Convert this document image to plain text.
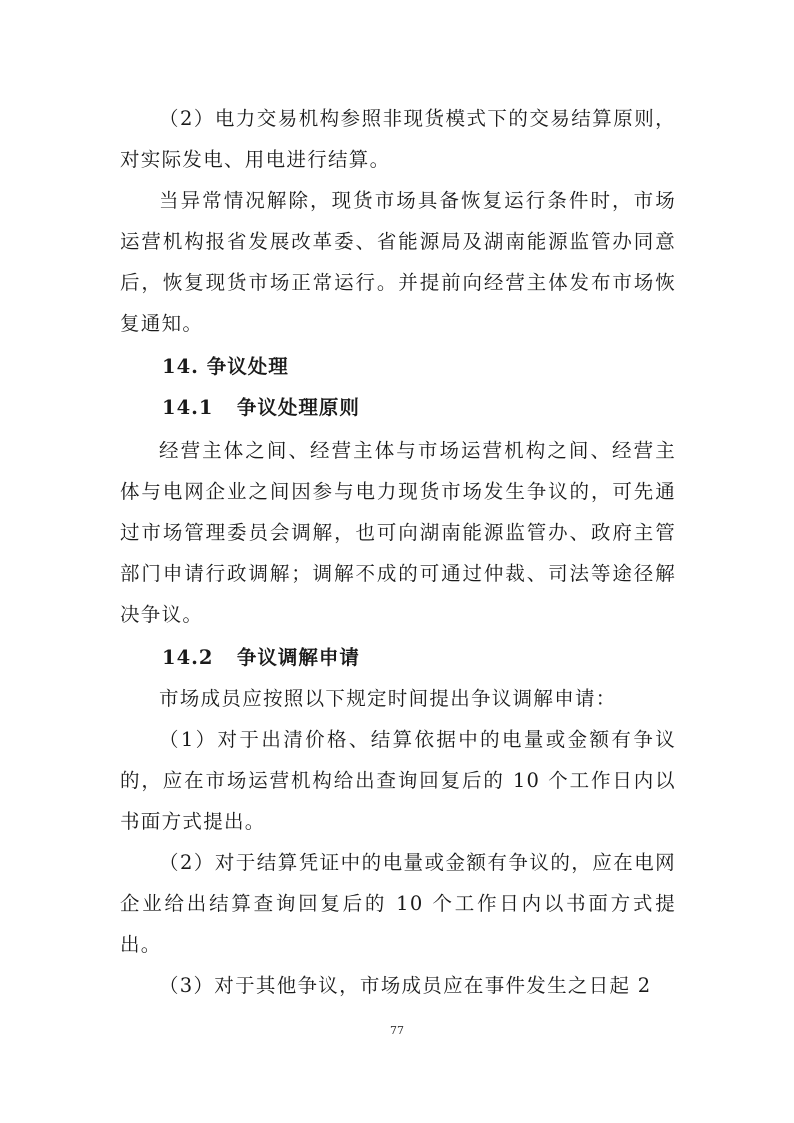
（2）电力交易机构参照非现货模式下的交易结算原则，对实际发电、用电进行结算。

当异常情况解除，现货市场具备恢复运行条件时，市场运营机构报省发展改革委、省能源局及湖南能源监管办同意后，恢复现货市场正常运行。并提前向经营主体发布市场恢复通知。

14. 争议处理

14.1   争议处理原则

经营主体之间、经营主体与市场运营机构之间、经营主体与电网企业之间因参与电力现货市场发生争议的，可先通过市场管理委员会调解，也可向湖南能源监管办、政府主管部门申请行政调解；调解不成的可通过仲裁、司法等途径解决争议。

14.2   争议调解申请

市场成员应按照以下规定时间提出争议调解申请：

（1）对于出清价格、结算依据中的电量或金额有争议的，应在市场运营机构给出查询回复后的 10 个工作日内以书面方式提出。

（2）对于结算凭证中的电量或金额有争议的，应在电网企业给出结算查询回复后的 10 个工作日内以书面方式提出。

（3）对于其他争议，市场成员应在事件发生之日起 2

77
